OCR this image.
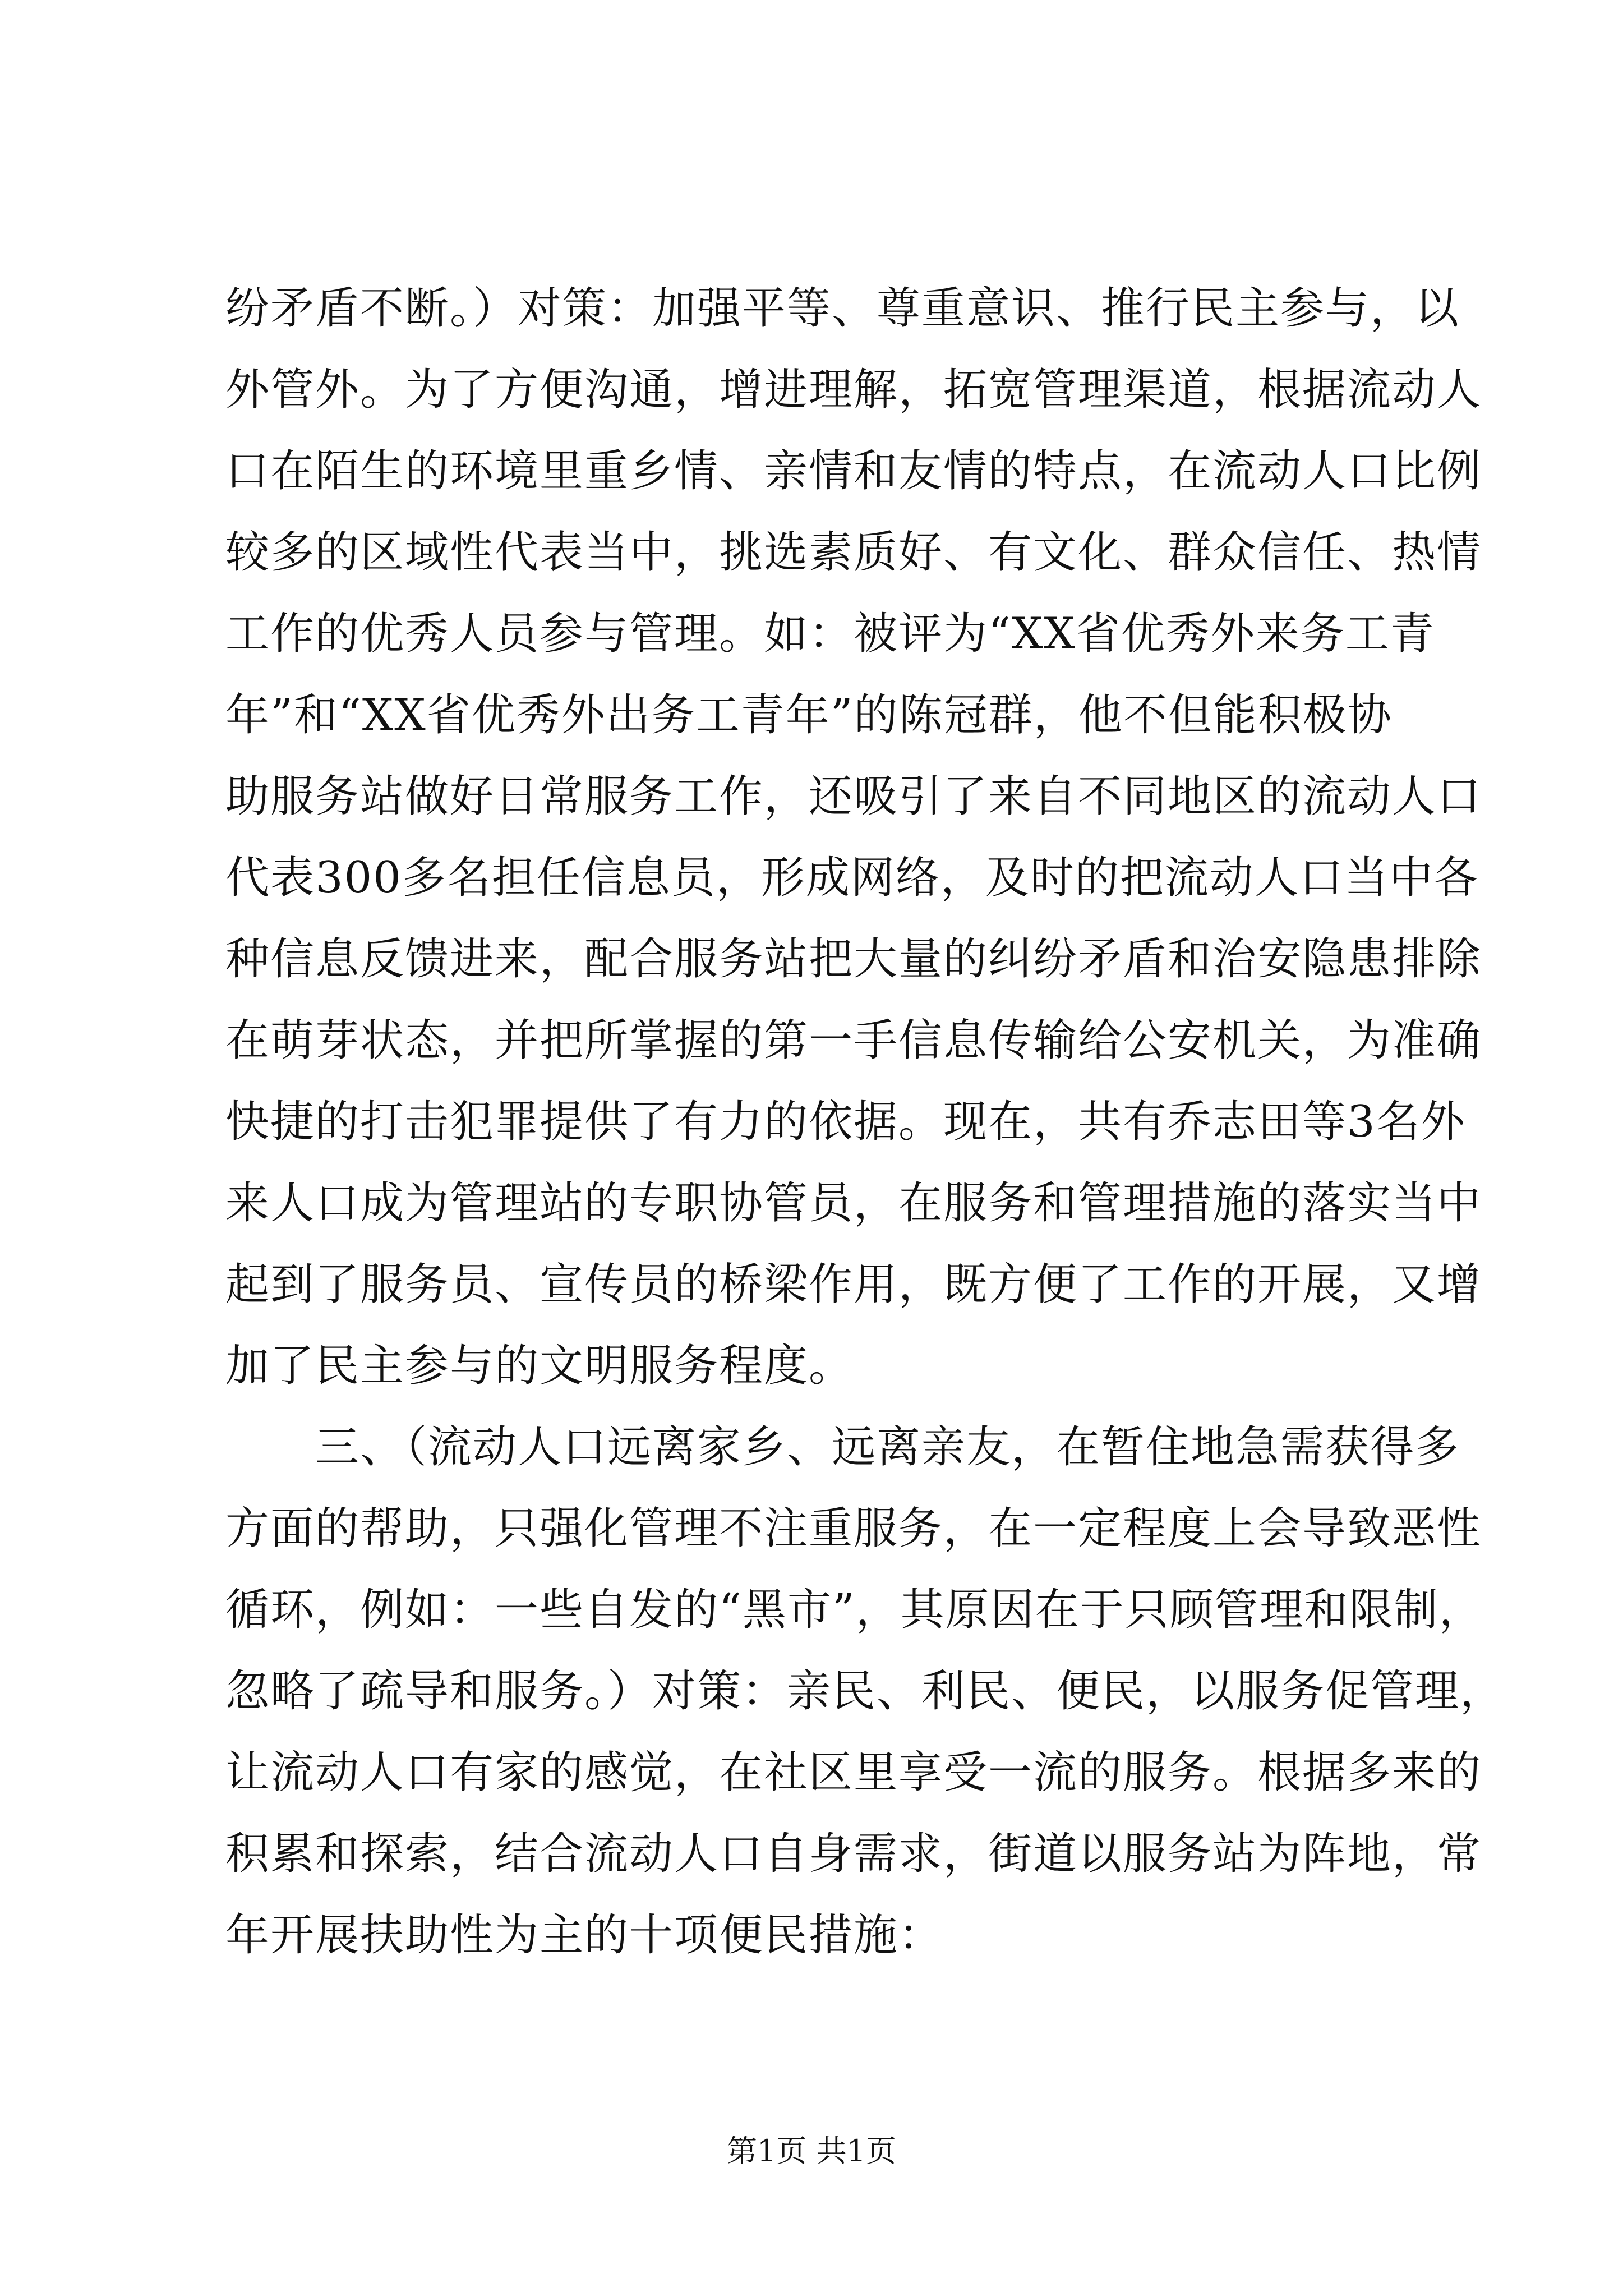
纷矛盾不断。）对策：加强平等、尊重意识、推行民主参与，以
外管外。为了方便沟通，增进理解，拓宽管理渠道，根据流动人
口在陌生的环境里重乡情、亲情和友情的特点，在流动人口比例
较多的区域性代表当中，挑选素质好、有文化、群众信任、热情
工作的优秀人员参与管理。如：被评为“XX省优秀外来务工青
年”和“XX省优秀外出务工青年”的陈冠群，他不但能积极协
助服务站做好日常服务工作，还吸引了来自不同地区的流动人口
代表300多名担任信息员，形成网络，及时的把流动人口当中各
种信息反馈进来，配合服务站把大量的纠纷矛盾和治安隐患排除
在萌芽状态，并把所掌握的第一手信息传输给公安机关，为准确
快捷的打击犯罪提供了有力的依据。现在，共有乔志田等3名外
来人口成为管理站的专职协管员，在服务和管理措施的落实当中
起到了服务员、宣传员的桥梁作用，既方便了工作的开展，又增
加了民主参与的文明服务程度。
　　三、（流动人口远离家乡、远离亲友，在暂住地急需获得多
方面的帮助，只强化管理不注重服务，在一定程度上会导致恶性
循环，例如：一些自发的“黑市”，其原因在于只顾管理和限制，
忽略了疏导和服务。）对策：亲民、利民、便民，以服务促管理，
让流动人口有家的感觉，在社区里享受一流的服务。根据多来的
积累和探索，结合流动人口自身需求，街道以服务站为阵地，常
年开展扶助性为主的十项便民措施：
第1页 共1页
